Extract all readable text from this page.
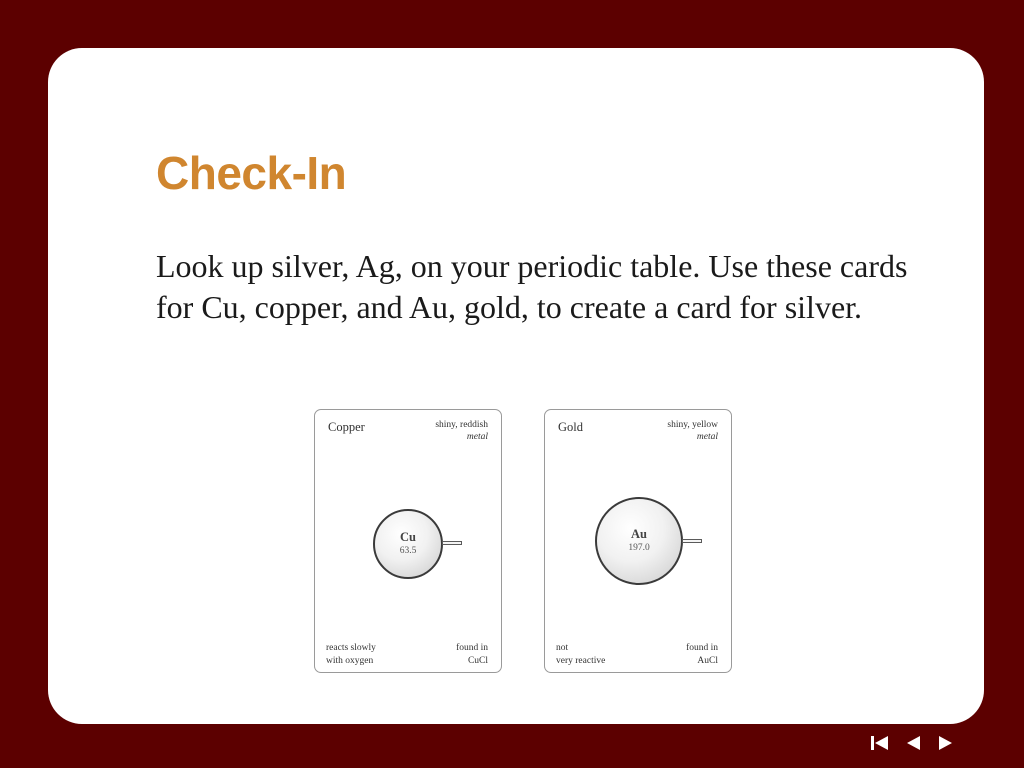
Check-In

Look up silver, Ag, on your periodic table. Use these cards for Cu, copper, and Au, gold, to create a card for silver.

Copper	shiny, reddish
metal
Cu
63.5
reacts slowly
with oxygen
found in
CuCl
Gold	shiny, yellow
metal
Au
197.0
not
very reactive
found in
AuCl
